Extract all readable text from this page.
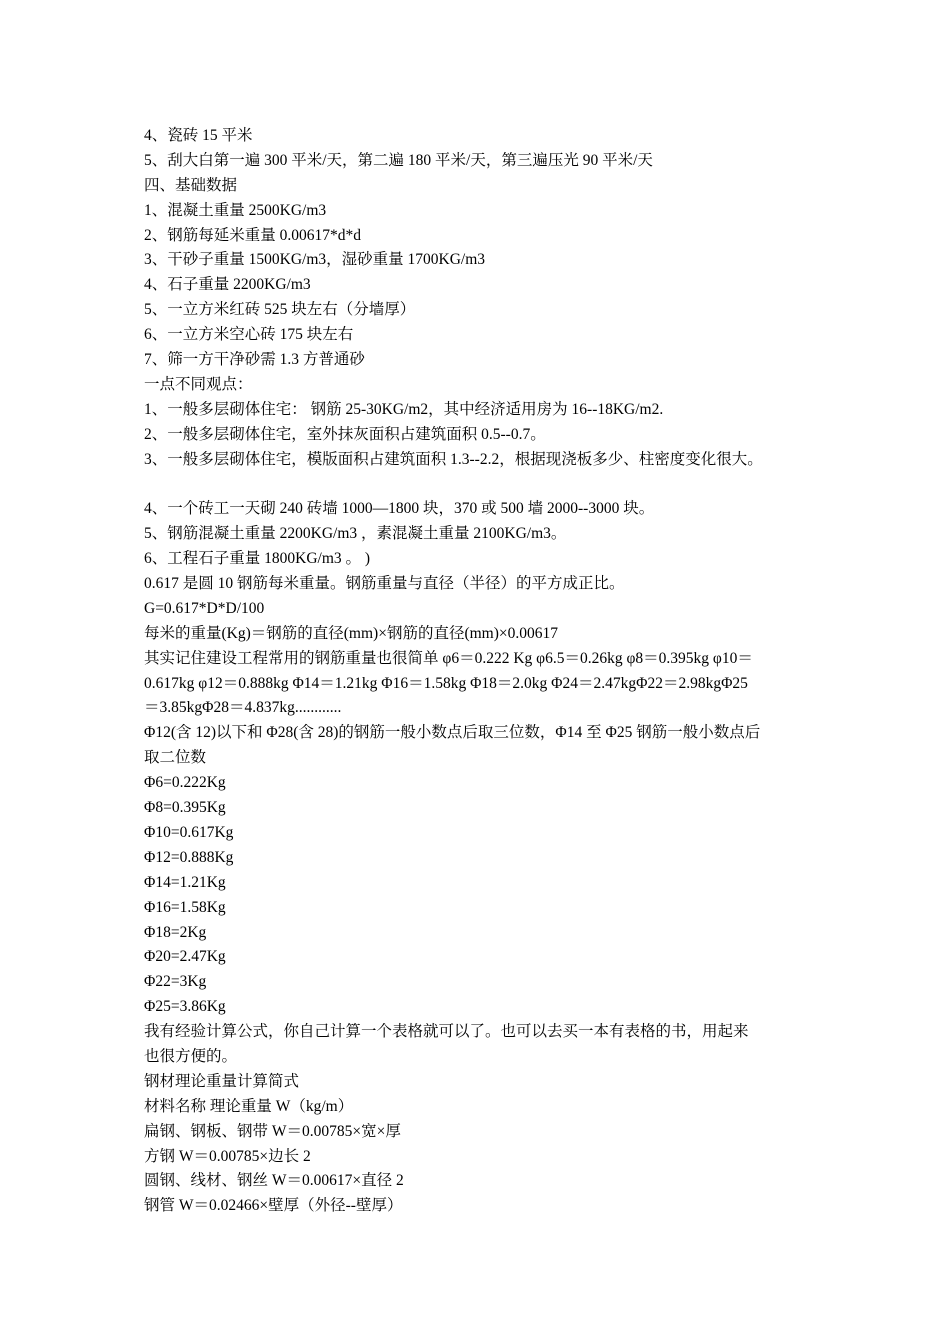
4、瓷砖 15 平米
5、刮大白第一遍 300 平米/天，第二遍 180 平米/天，第三遍压光 90 平米/天
四、基础数据
1、混凝土重量 2500KG/m3
2、钢筋每延米重量 0.00617*d*d
3、干砂子重量 1500KG/m3，湿砂重量 1700KG/m3
4、石子重量 2200KG/m3
5、一立方米红砖 525 块左右（分墙厚）
6、一立方米空心砖 175 块左右
7、筛一方干净砂需 1.3 方普通砂
一点不同观点：
1、一般多层砌体住宅： 钢筋 25-30KG/m2，其中经济适用房为 16--18KG/m2.
2、一般多层砌体住宅，室外抹灰面积占建筑面积 0.5--0.7。
3、一般多层砌体住宅，模版面积占建筑面积 1.3--2.2，根据现浇板多少、柱密度变化很大。
4、一个砖工一天砌 240 砖墙 1000—1800 块，370 或 500 墙 2000--3000 块。
5、钢筋混凝土重量 2200KG/m3 ，素混凝土重量 2100KG/m3。
6、工程石子重量 1800KG/m3 。 )
0.617 是圆 10 钢筋每米重量。钢筋重量与直径（半径）的平方成正比。
G=0.617*D*D/100
每米的重量(Kg)＝钢筋的直径(mm)×钢筋的直径(mm)×0.00617
其实记住建设工程常用的钢筋重量也很简单 φ6＝0.222 Kg φ6.5＝0.26kg φ8＝0.395kg φ10＝
0.617kg φ12＝0.888kg Φ14＝1.21kg Φ16＝1.58kg Φ18＝2.0kg Φ24＝2.47kgΦ22＝2.98kgΦ25
＝3.85kgΦ28＝4.837kg............
Φ12(含 12)以下和 Φ28(含 28)的钢筋一般小数点后取三位数，Φ14 至 Φ25 钢筋一般小数点后
取二位数
Φ6=0.222Kg
Φ8=0.395Kg
Φ10=0.617Kg
Φ12=0.888Kg
Φ14=1.21Kg
Φ16=1.58Kg
Φ18=2Kg
Φ20=2.47Kg
Φ22=3Kg
Φ25=3.86Kg
我有经验计算公式，你自己计算一个表格就可以了。也可以去买一本有表格的书，用起来
也很方便的。
钢材理论重量计算简式
材料名称 理论重量 W（kg/m）
扁钢、钢板、钢带 W＝0.00785×宽×厚
方钢 W＝0.00785×边长 2
圆钢、线材、钢丝 W＝0.00617×直径 2
钢管 W＝0.02466×壁厚（外径--壁厚）
